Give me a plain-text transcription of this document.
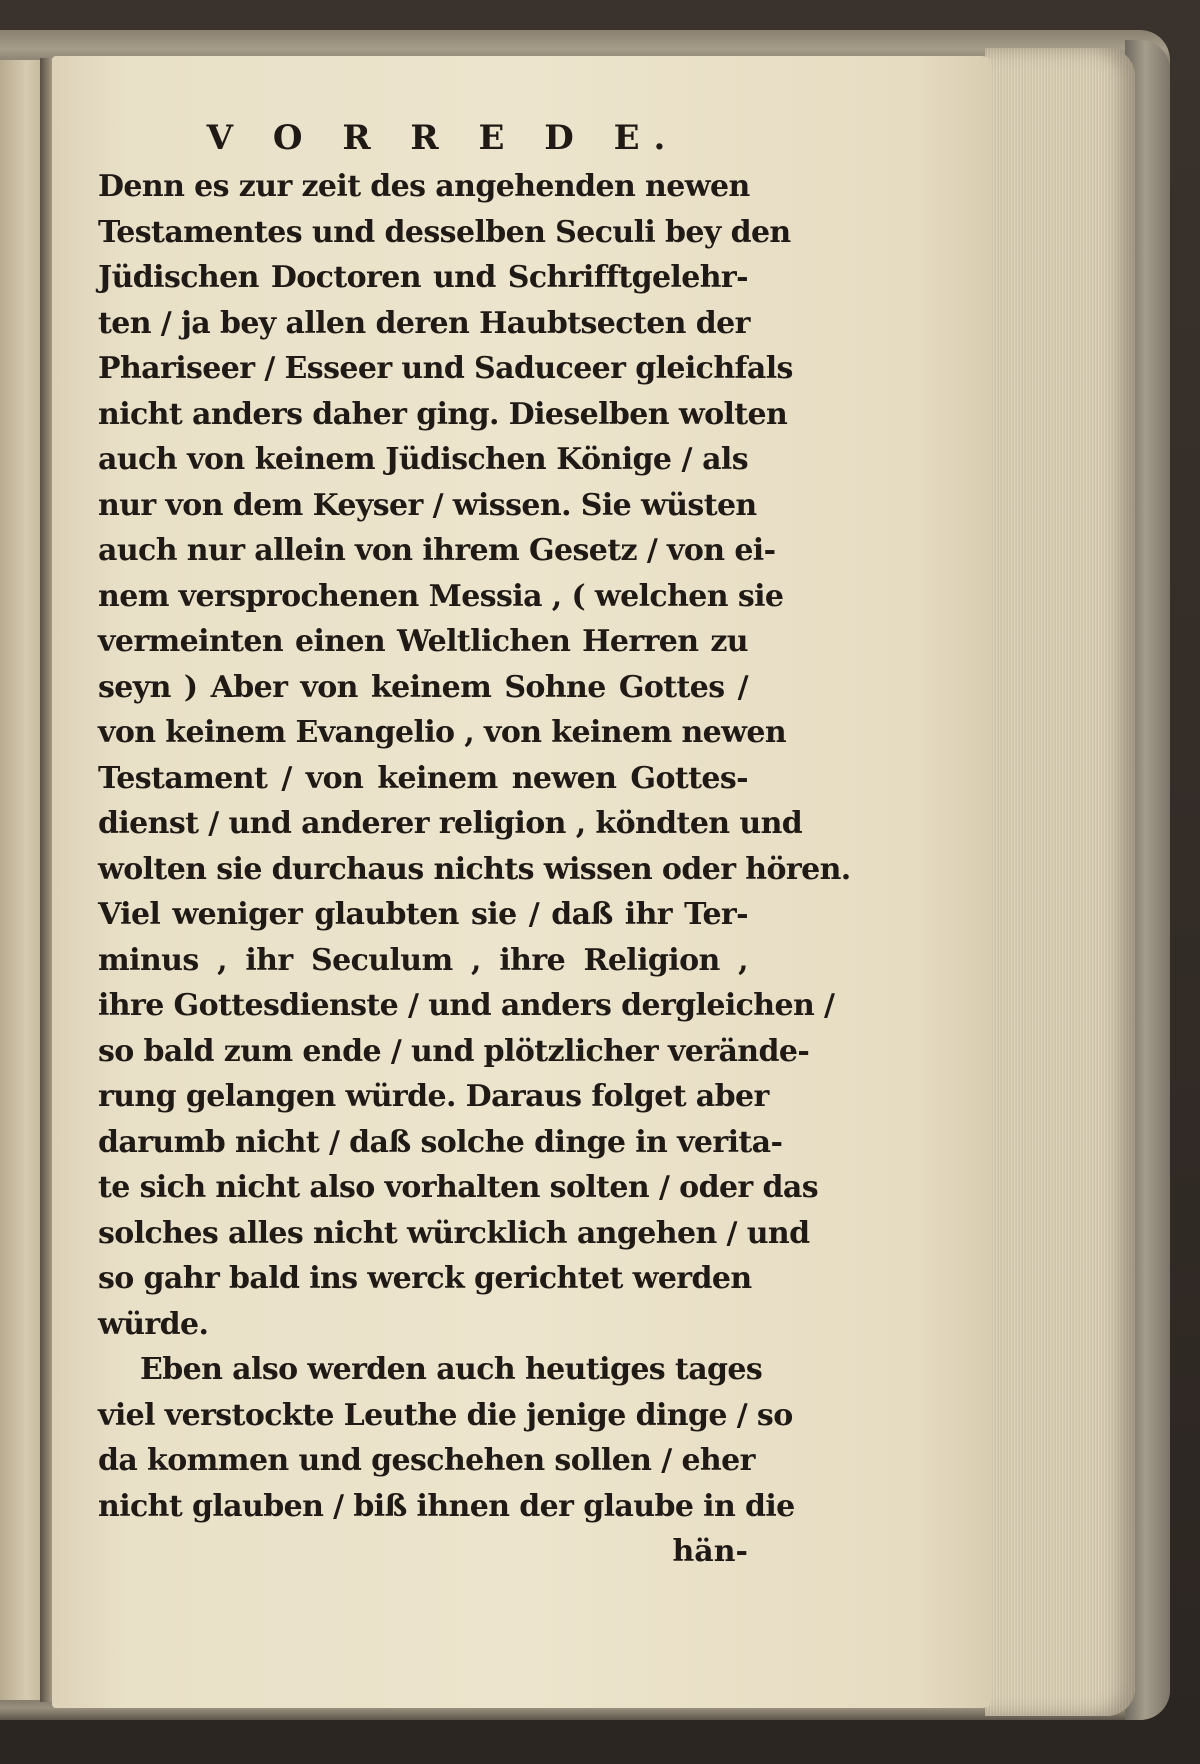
V O R R E D E.
Denn es zur zeit des angehenden newen
Testamentes und desselben Seculi bey den
Jüdischen Doctoren und Schrifftgelehr-
ten / ja bey allen deren Haubtsecten der
Phariseer / Esseer und Saduceer gleichfals
nicht anders daher ging. Dieselben wolten
auch von keinem Jüdischen Könige / als
nur von dem Keyser / wissen. Sie wüsten
auch nur allein von ihrem Gesetz / von ei-
nem versprochenen Messia , ( welchen sie
vermeinten einen Weltlichen Herren zu
seyn ) Aber von keinem Sohne Gottes /
von keinem Evangelio , von keinem newen
Testament / von keinem newen Gottes-
dienst / und anderer religion , köndten und
wolten sie durchaus nichts wissen oder hören.
Viel weniger glaubten sie / daß ihr Ter-
minus , ihr Seculum , ihre Religion ,
ihre Gottesdienste / und anders dergleichen /
so bald zum ende / und plötzlicher verände-
rung gelangen würde. Daraus folget aber
darumb nicht / daß solche dinge in verita-
te sich nicht also vorhalten solten / oder das
solches alles nicht würcklich angehen / und
so gahr bald ins werck gerichtet werden
würde.
Eben also werden auch heutiges tages
viel verstockte Leuthe die jenige dinge / so
da kommen und geschehen sollen / eher
nicht glauben / biß ihnen der glaube in die
hän-
